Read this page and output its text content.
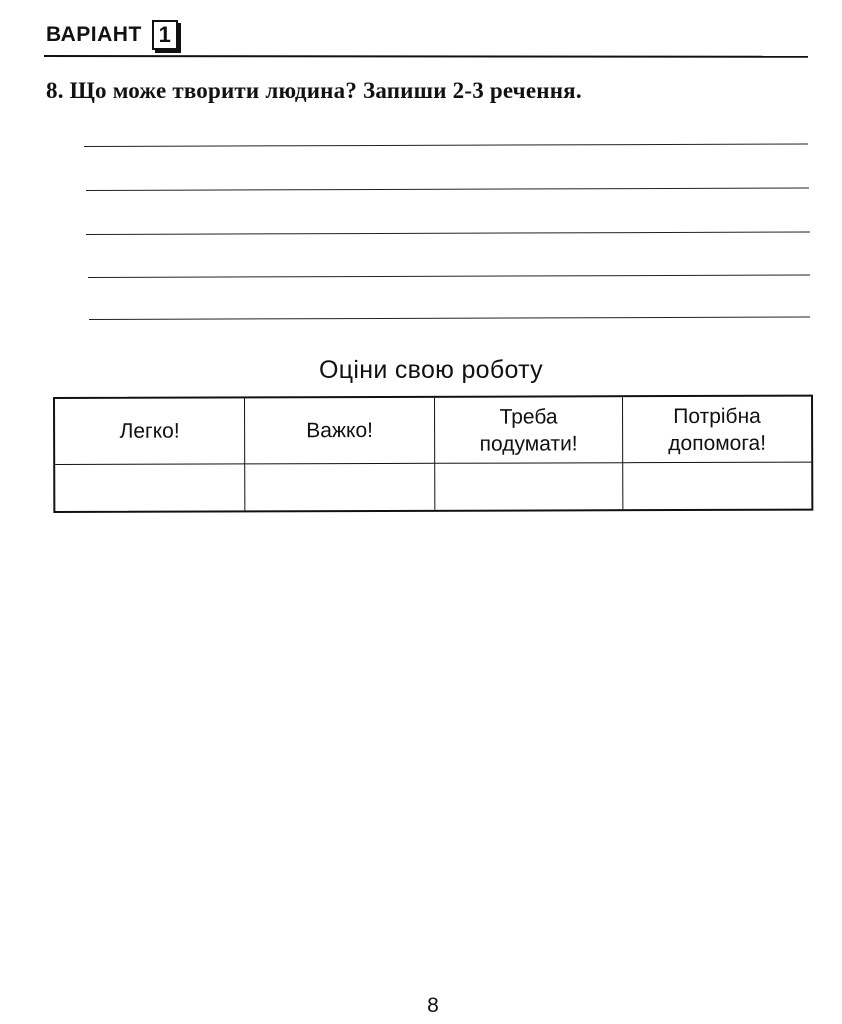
ВАРІАНТ 1
8. Що може творити людина? Запиши 2-3 речення.
Оціни свою роботу
Легко!	Важко!
Треба
подумати!
Потрібна
допомога!
8
